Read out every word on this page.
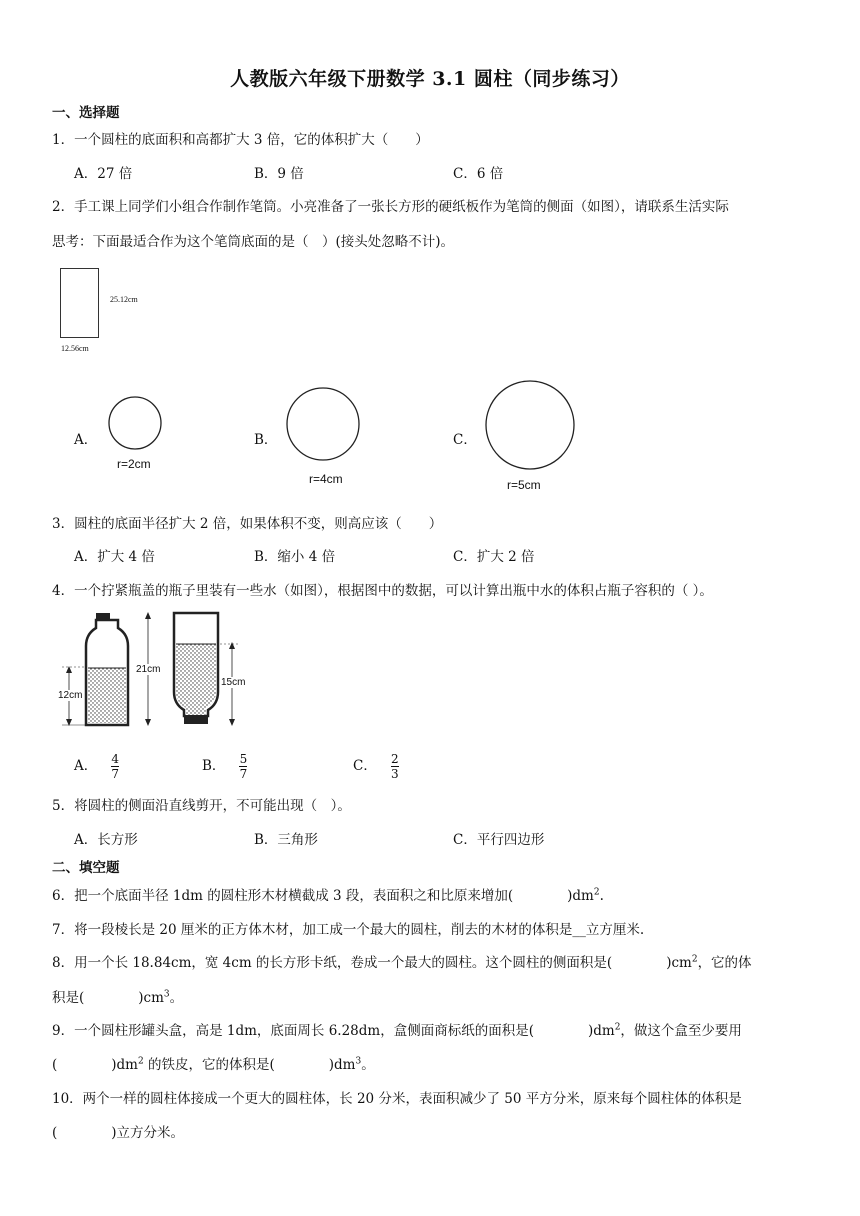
人教版六年级下册数学 3.1 圆柱（同步练习）
一、选择题
1．一个圆柱的底面积和高都扩大 3 倍，它的体积扩大（　　）
A．27 倍	B．9 倍	C．6 倍
2．手工课上同学们小组合作制作笔筒。小亮准备了一张长方形的硬纸板作为笔筒的侧面（如图），请联系生活实际
思考：下面最适合作为这个笔筒底面的是（　）(接头处忽略不计)。
25.12cm
12.56cm
A．
r=2cm
B．
r=4cm
C．
r=5cm
3．圆柱的底面半径扩大 2 倍，如果体积不变，则高应该（　　）
A．扩大 4 倍	B．缩小 4 倍	C．扩大 2 倍
4．一个拧紧瓶盖的瓶子里装有一些水（如图），根据图中的数据，可以计算出瓶中水的体积占瓶子容积的（ ）。
12cm
21cm
15cm
A． $\frac{4}{7}$	B． $\frac{5}{7}$	C． $\frac{2}{3}$
5．将圆柱的侧面沿直线剪开，不可能出现（　）。
A．长方形	B．三角形	C．平行四边形
二、填空题
6．把一个底面半径 1dm 的圆柱形木材横截成 3 段，表面积之和比原来增加(　　　　)$dm^2$.
7．将一段棱长是 20 厘米的正方体木材，加工成一个最大的圆柱，削去的木材的体积是__立方厘米.
8．用一个长 18.84cm，宽 4cm 的长方形卡纸，卷成一个最大的圆柱。这个圆柱的侧面积是(　　　　)$cm^2$，它的体
积是(　　　　)$cm^3$。
9．一个圆柱形罐头盒，高是 1dm，底面周长 6.28dm，盒侧面商标纸的面积是(　　　　)$dm^2$，做这个盒至少要用
(　　　　)$dm^2$ 的铁皮，它的体积是(　　　　)$dm^3$。
10．两个一样的圆柱体接成一个更大的圆柱体，长 20 分米，表面积减少了 50 平方分米，原来每个圆柱体的体积是
(　　　　)立方分米。
